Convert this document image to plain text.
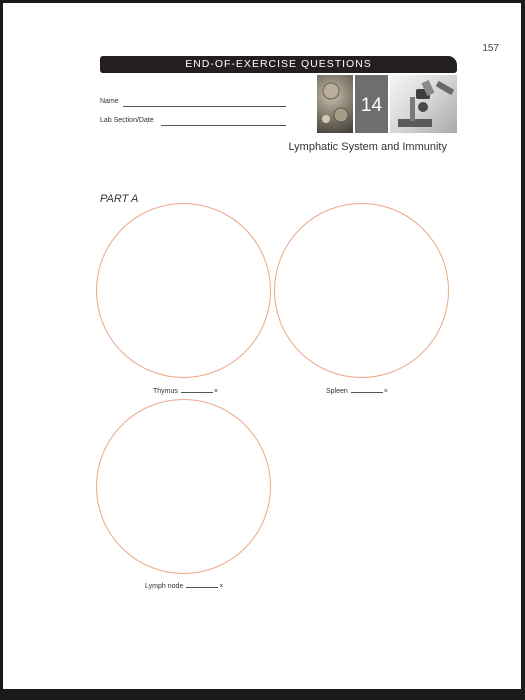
157
END-OF-EXERCISE QUESTIONS
Name
Lab Section/Date
14
Lymphatic System and Immunity
PART A
Thymus	×	Spleen	×
Lymph node	×
